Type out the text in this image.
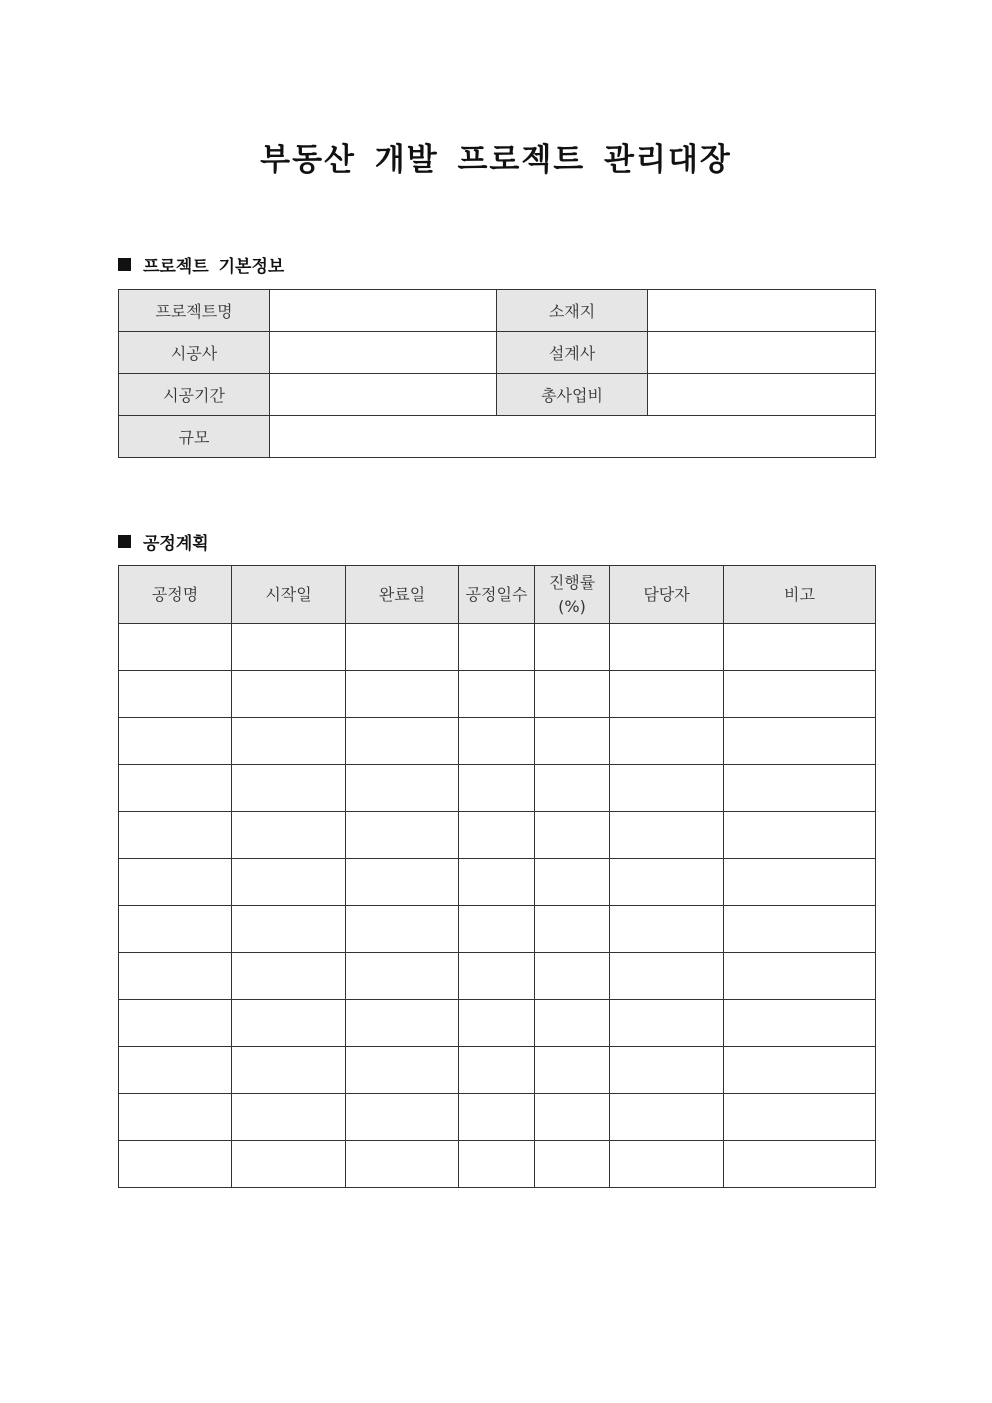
부동산 개발 프로젝트 관리대장
프로젝트 기본정보
프로젝트명		소재지	
시공사		설계사	
시공기간		총사업비	
규모			
공정계획
공정명	시작일	완료일	공정일수	진행률(%)	담당자	비고
